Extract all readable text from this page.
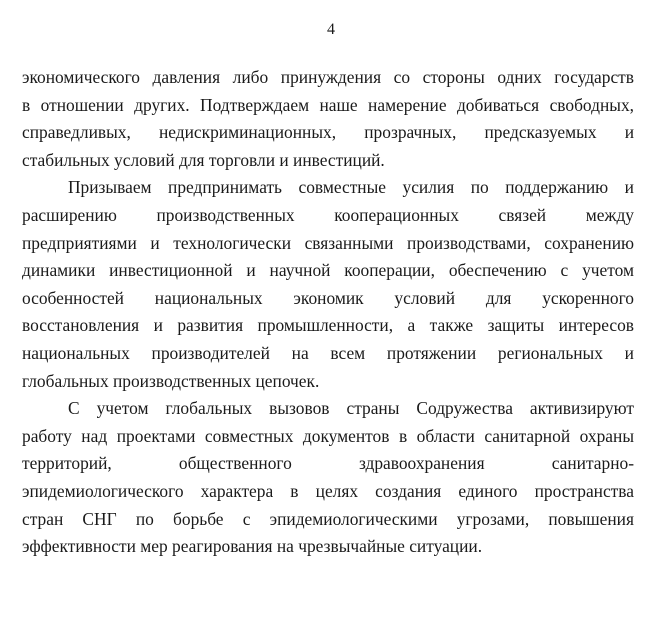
4

экономического давления либо принуждения со стороны одних государств
в отношении других. Подтверждаем наше намерение добиваться свободных,
справедливых, недискриминационных, прозрачных, предсказуемых и
стабильных условий для торговли и инвестиций.

Призываем предпринимать совместные усилия по поддержанию и
расширению производственных кооперационных связей между
предприятиями и технологически связанными производствами, сохранению
динамики инвестиционной и научной кооперации, обеспечению с учетом
особенностей национальных экономик условий для ускоренного
восстановления и развития промышленности, а также защиты интересов
национальных производителей на всем протяжении региональных и
глобальных производственных цепочек.

С учетом глобальных вызовов страны Содружества активизируют
работу над проектами совместных документов в области санитарной охраны
территорий, общественного здравоохранения санитарно-
эпидемиологического характера в целях создания единого пространства
стран СНГ по борьбе с эпидемиологическими угрозами, повышения
эффективности мер реагирования на чрезвычайные ситуации.
